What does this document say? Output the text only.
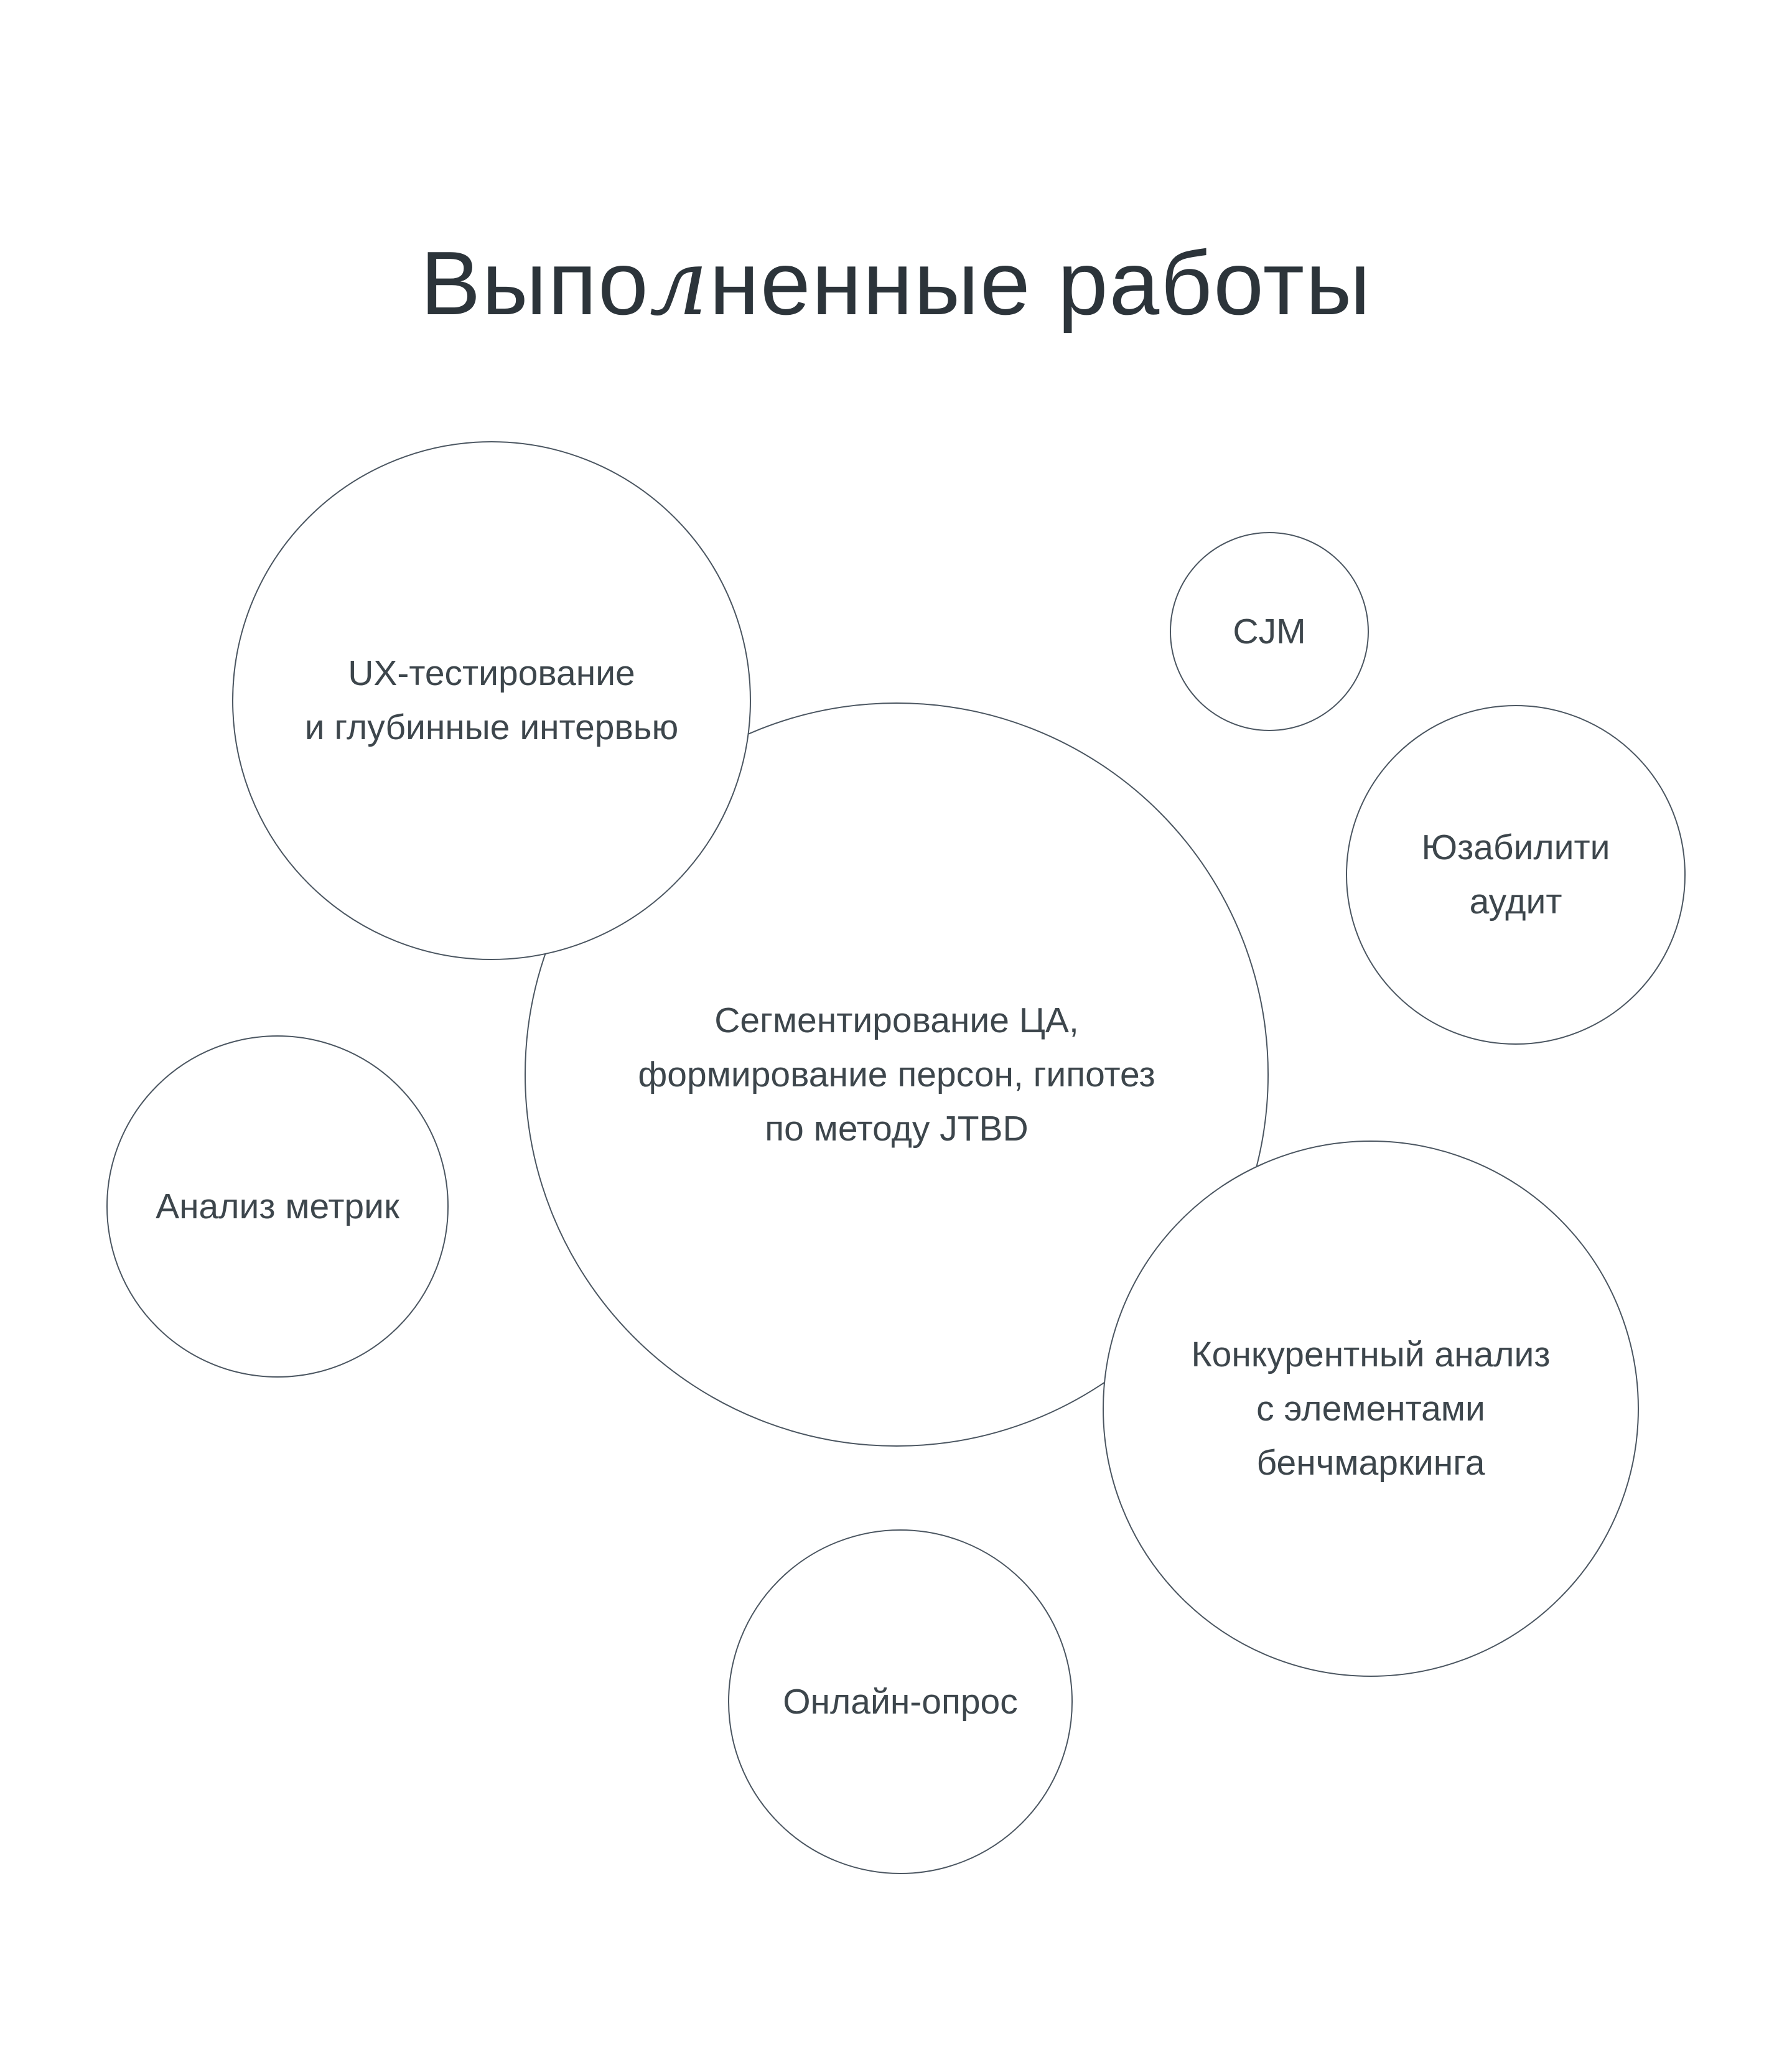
Выполненные работы
Сегментирование ЦА,
формирование персон, гипотез
по методу JTBD
UX-тестирование
и глубинные интервью
Анализ метрик
CJM
Юзабилити
аудит
Конкурентный анализ
с элементами
бенчмаркинга
Онлайн-опрос
